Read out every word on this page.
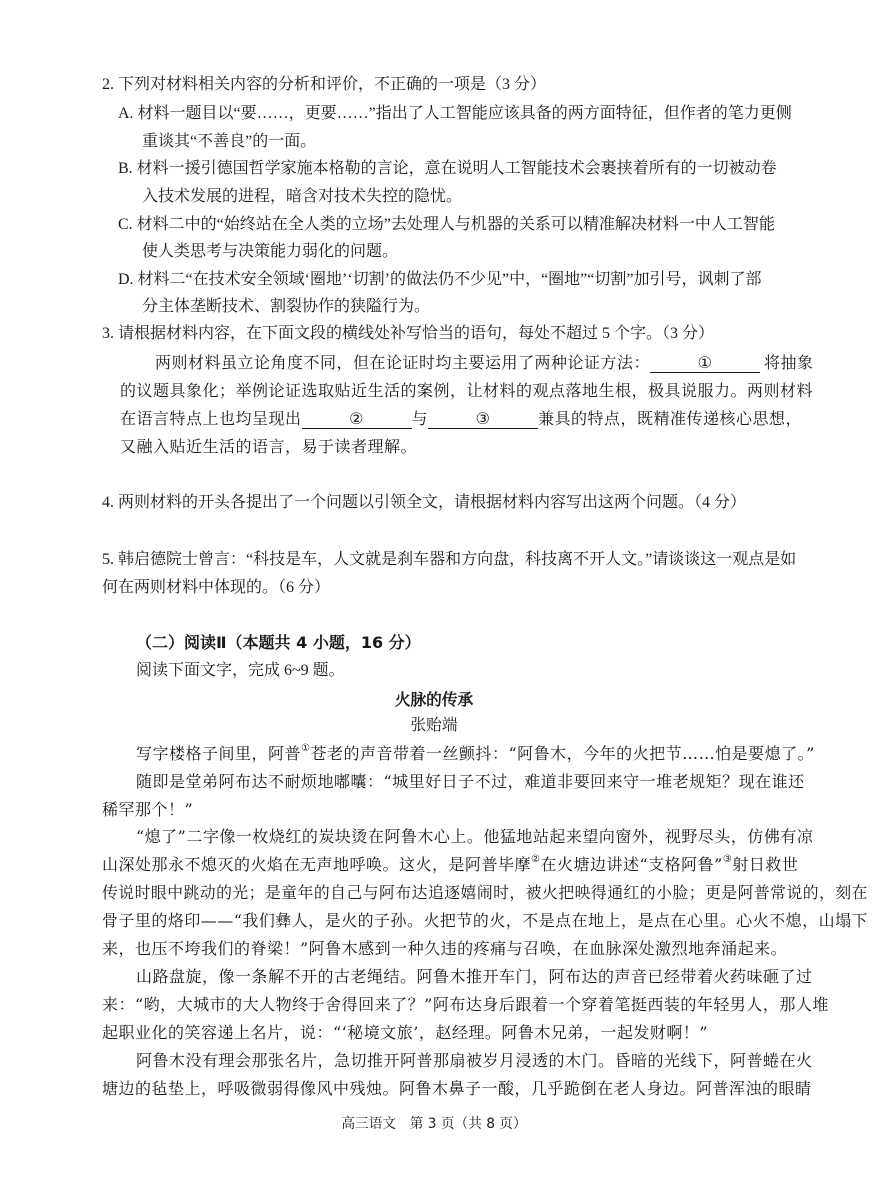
2. 下列对材料相关内容的分析和评价，不正确的一项是（3 分）
A. 材料一题目以“要……，更要……”指出了人工智能应该具备的两方面特征，但作者的笔力更侧
重谈其“不善良”的一面。
B. 材料一援引德国哲学家施本格勒的言论，意在说明人工智能技术会裹挟着所有的一切被动卷
入技术发展的进程，暗含对技术失控的隐忧。
C. 材料二中的“始终站在全人类的立场”去处理人与机器的关系可以精准解决材料一中人工智能
使人类思考与决策能力弱化的问题。
D. 材料二“在技术安全领域‘圈地’‘切割’的做法仍不少见”中，“圈地”“切割”加引号，讽刺了部
分主体垄断技术、割裂协作的狭隘行为。
3. 请根据材料内容，在下面文段的横线处补写恰当的语句，每处不超过 5 个字。（3 分）
两则材料虽立论角度不同，但在论证时均主要运用了两种论证方法：	①	将抽象
的议题具象化；举例论证选取贴近生活的案例，让材料的观点落地生根，极具说服力。两则材料
在语言特点上也均呈现出	②	与	③	兼具的特点，既精准传递核心思想，
又融入贴近生活的语言，易于读者理解。
4. 两则材料的开头各提出了一个问题以引领全文，请根据材料内容写出这两个问题。（4 分）
5. 韩启德院士曾言：“科技是车，人文就是刹车器和方向盘，科技离不开人文。”请谈谈这一观点是如
何在两则材料中体现的。（6 分）
（二）阅读Ⅱ（本题共 4 小题，16 分）
阅读下面文字，完成 6~9 题。
火脉的传承
张贻端
写字楼格子间里，阿普①苍老的声音带着一丝颤抖：“阿鲁木，今年的火把节……怕是要熄了。”
随即是堂弟阿布达不耐烦地嘟囔：“城里好日子不过，难道非要回来守一堆老规矩？现在谁还
稀罕那个！”
“熄了”二字像一枚烧红的炭块烫在阿鲁木心上。他猛地站起来望向窗外，视野尽头，仿佛有凉
山深处那永不熄灭的火焰在无声地呼唤。这火，是阿普毕摩②在火塘边讲述“支格阿鲁”③射日救世
传说时眼中跳动的光；是童年的自己与阿布达追逐嬉闹时，被火把映得通红的小脸；更是阿普常说的，刻在
骨子里的烙印——“我们彝人，是火的子孙。火把节的火，不是点在地上，是点在心里。心火不熄，山塌下
来，也压不垮我们的脊梁！”阿鲁木感到一种久违的疼痛与召唤，在血脉深处激烈地奔涌起来。
山路盘旋，像一条解不开的古老绳结。阿鲁木推开车门，阿布达的声音已经带着火药味砸了过
来：“哟，大城市的大人物终于舍得回来了？”阿布达身后跟着一个穿着笔挺西装的年轻男人，那人堆
起职业化的笑容递上名片，说：“‘秘境文旅’，赵经理。阿鲁木兄弟，一起发财啊！”
阿鲁木没有理会那张名片，急切推开阿普那扇被岁月浸透的木门。昏暗的光线下，阿普蜷在火
塘边的毡垫上，呼吸微弱得像风中残烛。阿鲁木鼻子一酸，几乎跪倒在老人身边。阿普浑浊的眼睛
高三语文　第 3 页（共 8 页）
